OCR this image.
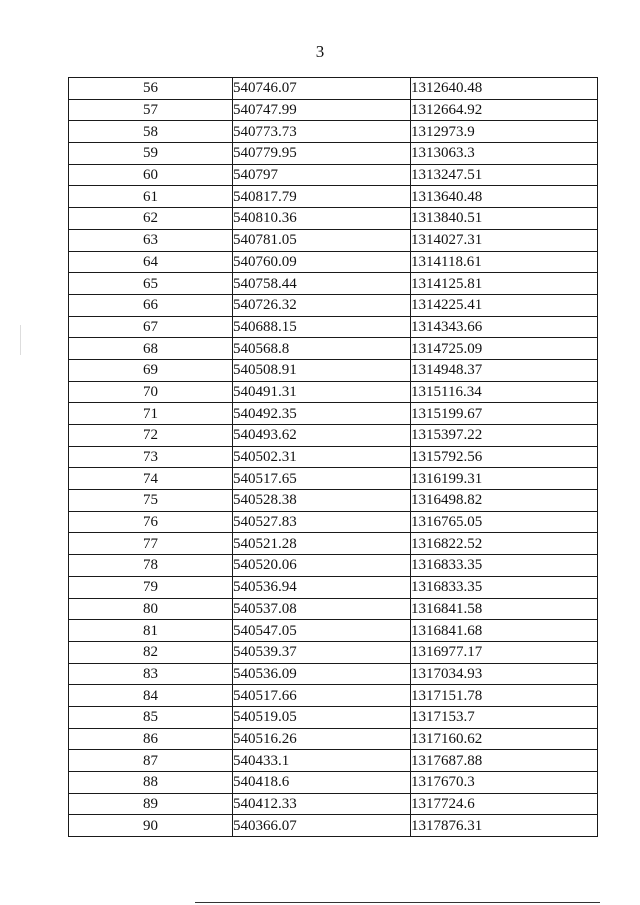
3
56	540746.07	1312640.48
57	540747.99	1312664.92
58	540773.73	1312973.9
59	540779.95	1313063.3
60	540797	1313247.51
61	540817.79	1313640.48
62	540810.36	1313840.51
63	540781.05	1314027.31
64	540760.09	1314118.61
65	540758.44	1314125.81
66	540726.32	1314225.41
67	540688.15	1314343.66
68	540568.8	1314725.09
69	540508.91	1314948.37
70	540491.31	1315116.34
71	540492.35	1315199.67
72	540493.62	1315397.22
73	540502.31	1315792.56
74	540517.65	1316199.31
75	540528.38	1316498.82
76	540527.83	1316765.05
77	540521.28	1316822.52
78	540520.06	1316833.35
79	540536.94	1316833.35
80	540537.08	1316841.58
81	540547.05	1316841.68
82	540539.37	1316977.17
83	540536.09	1317034.93
84	540517.66	1317151.78
85	540519.05	1317153.7
86	540516.26	1317160.62
87	540433.1	1317687.88
88	540418.6	1317670.3
89	540412.33	1317724.6
90	540366.07	1317876.31
